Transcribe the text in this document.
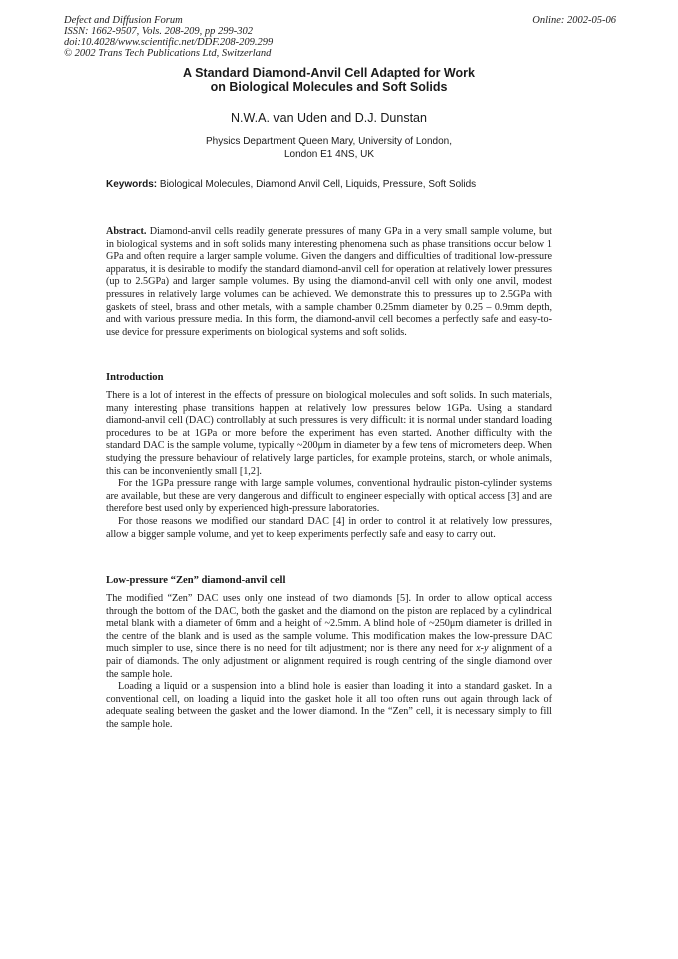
Defect and Diffusion Forum
ISSN: 1662-9507, Vols. 208-209, pp 299-302
doi:10.4028/www.scientific.net/DDF.208-209.299
© 2002 Trans Tech Publications Ltd, Switzerland
Online: 2002-05-06
A Standard Diamond-Anvil Cell Adapted for Work
on Biological Molecules and Soft Solids
N.W.A. van Uden and D.J. Dunstan
Physics Department Queen Mary, University of London,
London E1 4NS, UK
Keywords: Biological Molecules, Diamond Anvil Cell, Liquids, Pressure, Soft Solids

Abstract. Diamond-anvil cells readily generate pressures of many GPa in a very small sample volume, but in biological systems and in soft solids many interesting phenomena such as phase transitions occur below 1 GPa and often require a larger sample volume. Given the dangers and difficulties of traditional low-pressure apparatus, it is desirable to modify the standard diamond-anvil cell for operation at relatively lower pressures (up to 2.5GPa) and larger sample volumes. By using the diamond-anvil cell with only one anvil, modest pressures in relatively large volumes can be achieved. We demonstrate this to pressures up to 2.5GPa with gaskets of steel, brass and other metals, with a sample chamber 0.25mm diameter by 0.25 – 0.9mm depth, and with various pressure media. In this form, the diamond-anvil cell becomes a perfectly safe and easy-to-use device for pressure experiments on biological systems and soft solids.

Introduction

There is a lot of interest in the effects of pressure on biological molecules and soft solids. In such materials, many interesting phase transitions happen at relatively low pressures below 1GPa. Using a standard diamond-anvil cell (DAC) controllably at such pressures is very difficult: it is normal under standard loading procedures to be at 1GPa or more before the experiment has even started. Another difficulty with the standard DAC is the sample volume, typically ~200μm in diameter by a few tens of micrometers deep. When studying the pressure behaviour of relatively large particles, for example proteins, starch, or whole animals, this can be inconveniently small [1,2].

For the 1GPa pressure range with large sample volumes, conventional hydraulic piston-cylinder systems are available, but these are very dangerous and difficult to engineer especially with optical access [3] and are therefore best used only by experienced high-pressure laboratories.

For those reasons we modified our standard DAC [4] in order to control it at relatively low pressures, allow a bigger sample volume, and yet to keep experiments perfectly safe and easy to carry out.

Low-pressure “Zen” diamond-anvil cell

The modified “Zen” DAC uses only one instead of two diamonds [5]. In order to allow optical access through the bottom of the DAC, both the gasket and the diamond on the piston are replaced by a cylindrical metal blank with a diameter of 6mm and a height of ~2.5mm. A blind hole of ~250μm diameter is drilled in the centre of the blank and is used as the sample volume. This modification makes the low-pressure DAC much simpler to use, since there is no need for tilt adjustment; nor is there any need for x-y alignment of a pair of diamonds. The only adjustment or alignment required is rough centring of the single diamond over the sample hole.

Loading a liquid or a suspension into a blind hole is easier than loading it into a standard gasket. In a conventional cell, on loading a liquid into the gasket hole it all too often runs out again through lack of adequate sealing between the gasket and the lower diamond. In the “Zen” cell, it is necessary simply to fill the sample hole.
